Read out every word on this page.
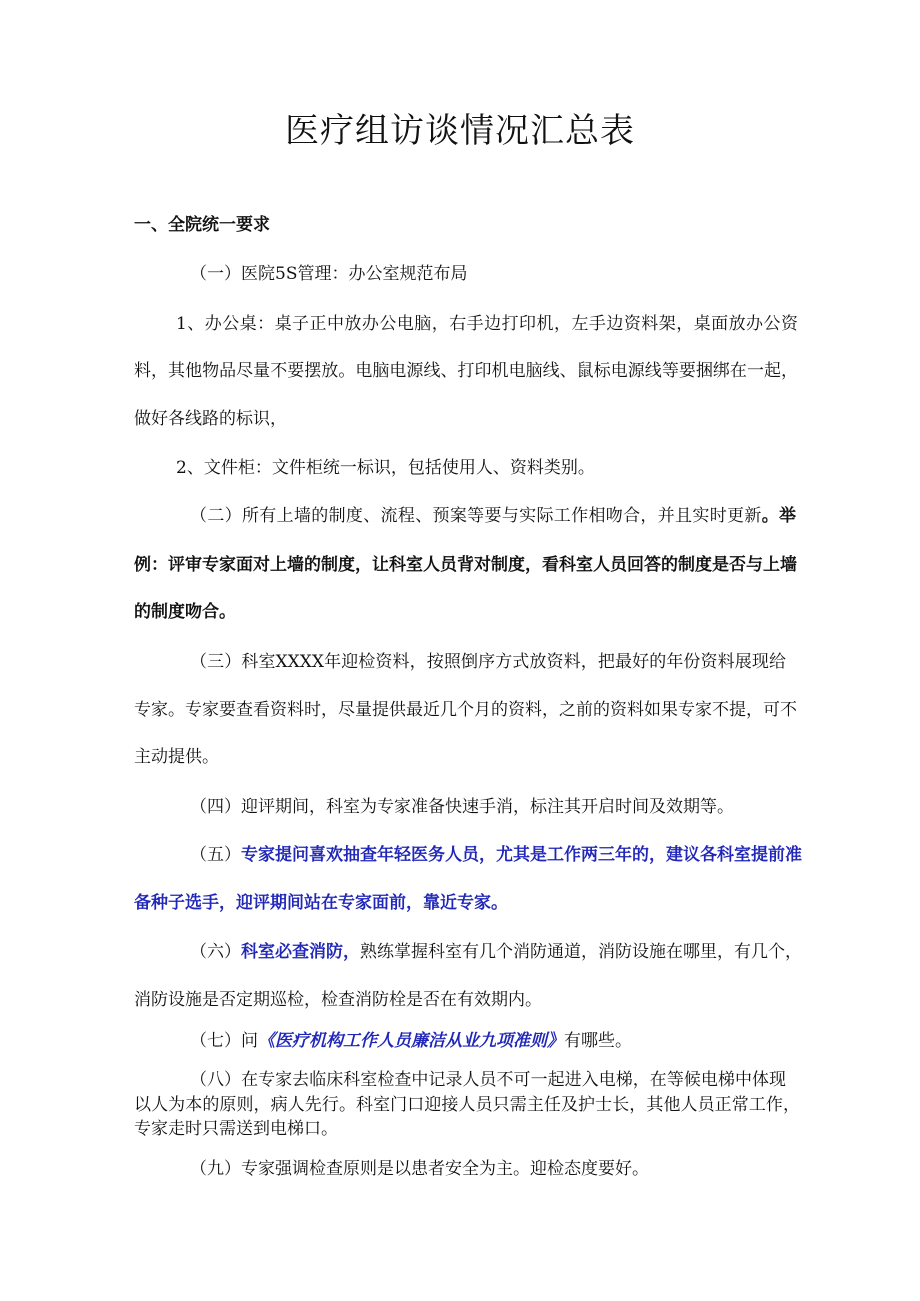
医疗组访谈情况汇总表
一、全院统一要求
（一）医院5S管理：办公室规范布局
1、办公桌：桌子正中放办公电脑，右手边打印机，左手边资料架，桌面放办公资
料，其他物品尽量不要摆放。电脑电源线、打印机电脑线、鼠标电源线等要捆绑在一起，
做好各线路的标识，
2、文件柜：文件柜统一标识，包括使用人、资料类别。
（二）所有上墙的制度、流程、预案等要与实际工作相吻合，并且实时更新。举
例：评审专家面对上墙的制度，让科室人员背对制度，看科室人员回答的制度是否与上墙
的制度吻合。
（三）科室XXXX年迎检资料，按照倒序方式放资料，把最好的年份资料展现给
专家。专家要查看资料时，尽量提供最近几个月的资料，之前的资料如果专家不提，可不
主动提供。
（四）迎评期间，科室为专家准备快速手消，标注其开启时间及效期等。
（五）专家提问喜欢抽查年轻医务人员，尤其是工作两三年的，建议各科室提前准
备种子选手，迎评期间站在专家面前，靠近专家。
（六）科室必查消防，熟练掌握科室有几个消防通道，消防设施在哪里，有几个，
消防设施是否定期巡检，检查消防栓是否在有效期内。
（七）问《医疗机构工作人员廉洁从业九项准则》有哪些。
（八）在专家去临床科室检查中记录人员不可一起进入电梯，在等候电梯中体现
以人为本的原则，病人先行。科室门口迎接人员只需主任及护士长，其他人员正常工作，
专家走时只需送到电梯口。
（九）专家强调检查原则是以患者安全为主。迎检态度要好。
